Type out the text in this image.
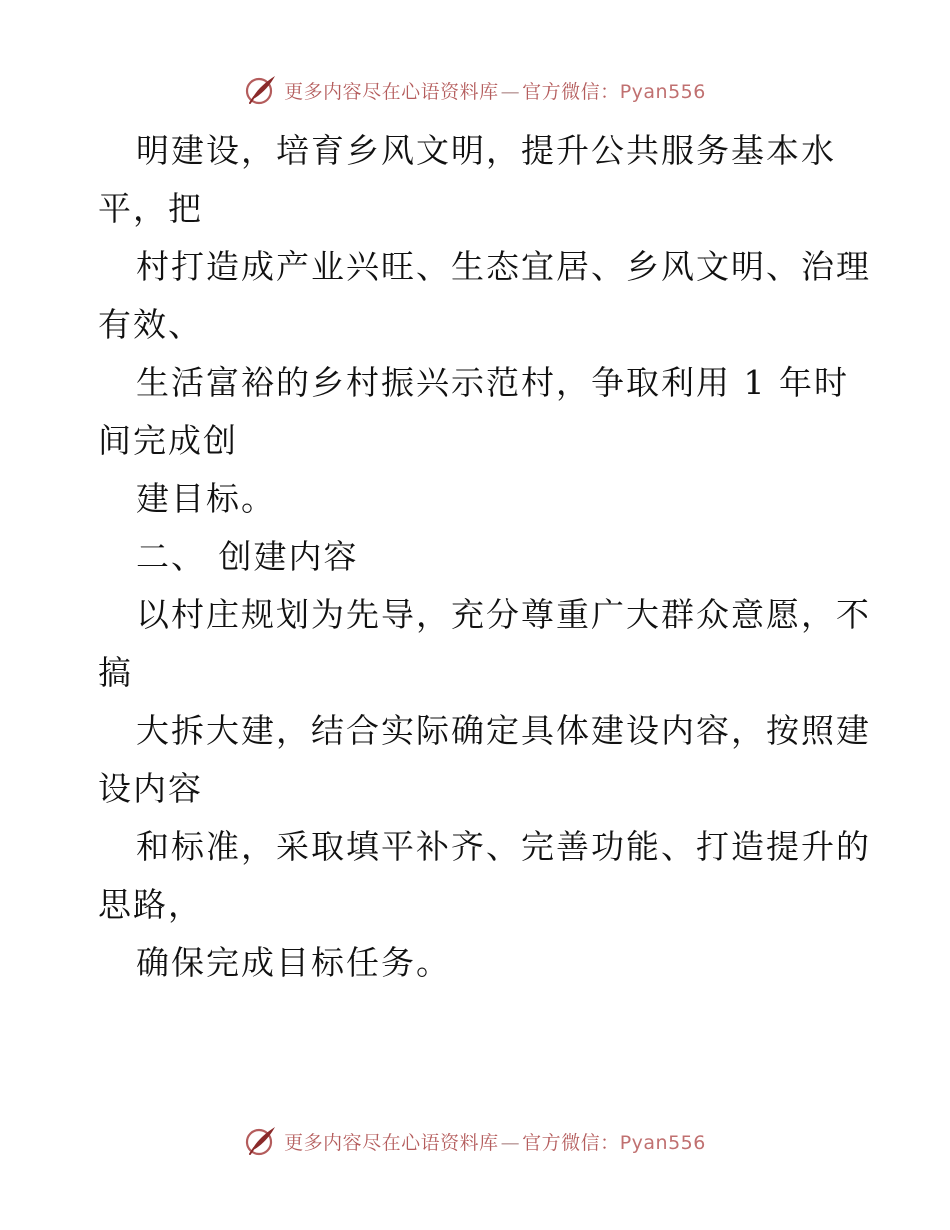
更多内容尽在心语资料库 — 官方微信：Pyan556

明建设，培育乡风文明，提升公共服务基本水

平，把

村打造成产业兴旺、生态宜居、乡风文明、治理

有效、

生活富裕的乡村振兴示范村，争取利用 1 年时

间完成创

建目标。

二、 创建内容

以村庄规划为先导，充分尊重广大群众意愿，不

搞

大拆大建，结合实际确定具体建设内容，按照建

设内容

和标准，采取填平补齐、完善功能、打造提升的

思路，

确保完成目标任务。

更多内容尽在心语资料库 — 官方微信：Pyan556
